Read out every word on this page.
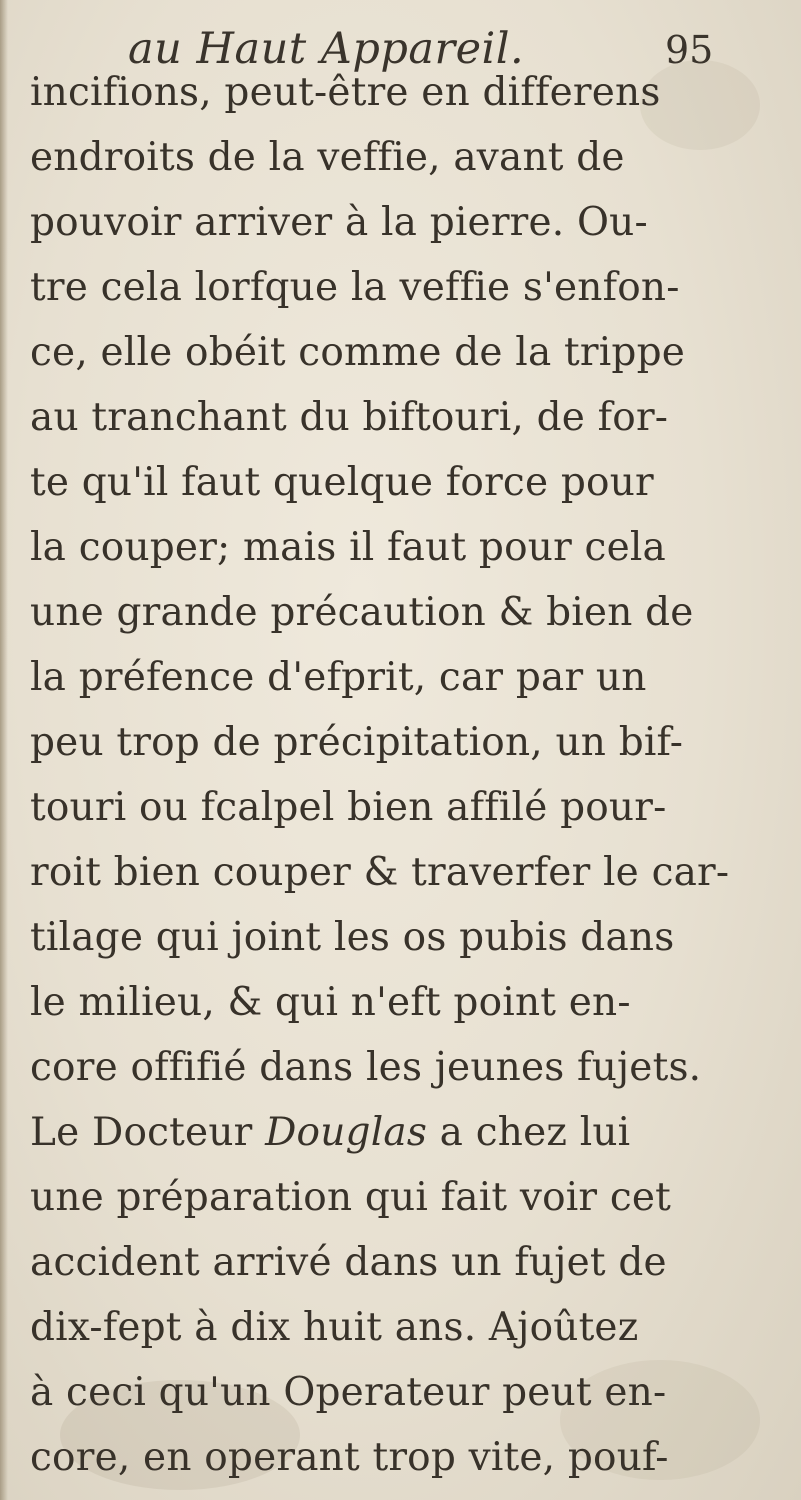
au Haut Appareil.	95
incifions, peut-être en differens
endroits de la veffie, avant de
pouvoir arriver à la pierre. Ou-
tre cela lorfque la veffie s'enfon-
ce, elle obéit comme de la trippe
au tranchant du biftouri, de for-
te qu'il faut quelque force pour
la couper; mais il faut pour cela
une grande précaution & bien de
la préfence d'efprit, car par un
peu trop de précipitation, un bif-
touri ou fcalpel bien affilé pour-
roit bien couper & traverfer le car-
tilage qui joint les os pubis dans
le milieu, & qui n'eft point en-
core offifié dans les jeunes fujets.
Le Docteur Douglas a chez lui
une préparation qui fait voir cet
accident arrivé dans un fujet de
dix-fept à dix huit ans. Ajoûtez
à ceci qu'un Operateur peut en-
core, en operant trop vite, pouf-
